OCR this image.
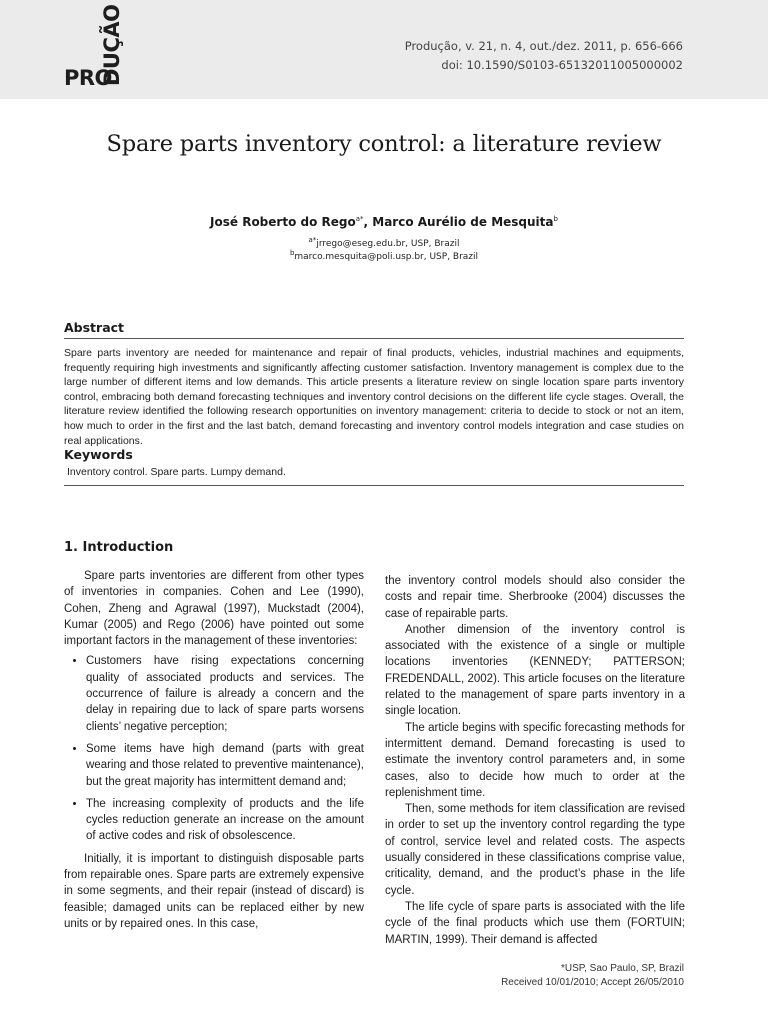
PRO
DUÇÃO	Produção, v. 21, n. 4, out./dez. 2011, p. 656-666
doi: 10.1590/S0103-65132011005000002
Spare parts inventory control: a literature review
José Roberto do Rego$^{a*}$, Marco Aurélio de Mesquita$^b$
$^{a*}$jrrego@eseg.edu.br, USP, Brazil
$^b$marco.mesquita@poli.usp.br, USP, Brazil
Abstract
Spare parts inventory are needed for maintenance and repair of final products, vehicles, industrial machines and equipments, frequently requiring high investments and significantly affecting customer satisfaction. Inventory management is complex due to the large number of different items and low demands. This article presents a literature review on single location spare parts inventory control, embracing both demand forecasting techniques and inventory control decisions on the different life cycle stages. Overall, the literature review identified the following research opportunities on inventory management: criteria to decide to stock or not an item, how much to order in the first and the last batch, demand forecasting and inventory control models integration and case studies on real applications.
Keywords
Inventory control. Spare parts. Lumpy demand.
1. Introduction

Spare parts inventories are different from other types of inventories in companies. Cohen and Lee (1990), Cohen, Zheng and Agrawal (1997), Muckstadt (2004), Kumar (2005) and Rego (2006) have pointed out some important factors in the management of these inventories:

• Customers have rising expectations concerning quality of associated products and services. The occurrence of failure is already a concern and the delay in repairing due to lack of spare parts worsens clients’ negative perception;
• Some items have high demand (parts with great wearing and those related to preventive maintenance), but the great majority has intermittent demand and;
• The increasing complexity of products and the life cycles reduction generate an increase on the amount of active codes and risk of obsolescence.

Initially, it is important to distinguish disposable parts from repairable ones. Spare parts are extremely expensive in some segments, and their repair (instead of discard) is feasible; damaged units can be replaced either by new units or by repaired ones. In this case,

the inventory control models should also consider the costs and repair time. Sherbrooke (2004) discusses the case of repairable parts.

Another dimension of the inventory control is associated with the existence of a single or multiple locations inventories (KENNEDY; PATTERSON; FREDENDALL, 2002). This article focuses on the literature related to the management of spare parts inventory in a single location.

The article begins with specific forecasting methods for intermittent demand. Demand forecasting is used to estimate the inventory control parameters and, in some cases, also to decide how much to order at the replenishment time.

Then, some methods for item classification are revised in order to set up the inventory control regarding the type of control, service level and related costs. The aspects usually considered in these classifications comprise value, criticality, demand, and the product’s phase in the life cycle.

The life cycle of spare parts is associated with the life cycle of the final products which use them (FORTUIN; MARTIN, 1999). Their demand is affected

*USP, Sao Paulo, SP, Brazil
Received 10/01/2010; Accept 26/05/2010
